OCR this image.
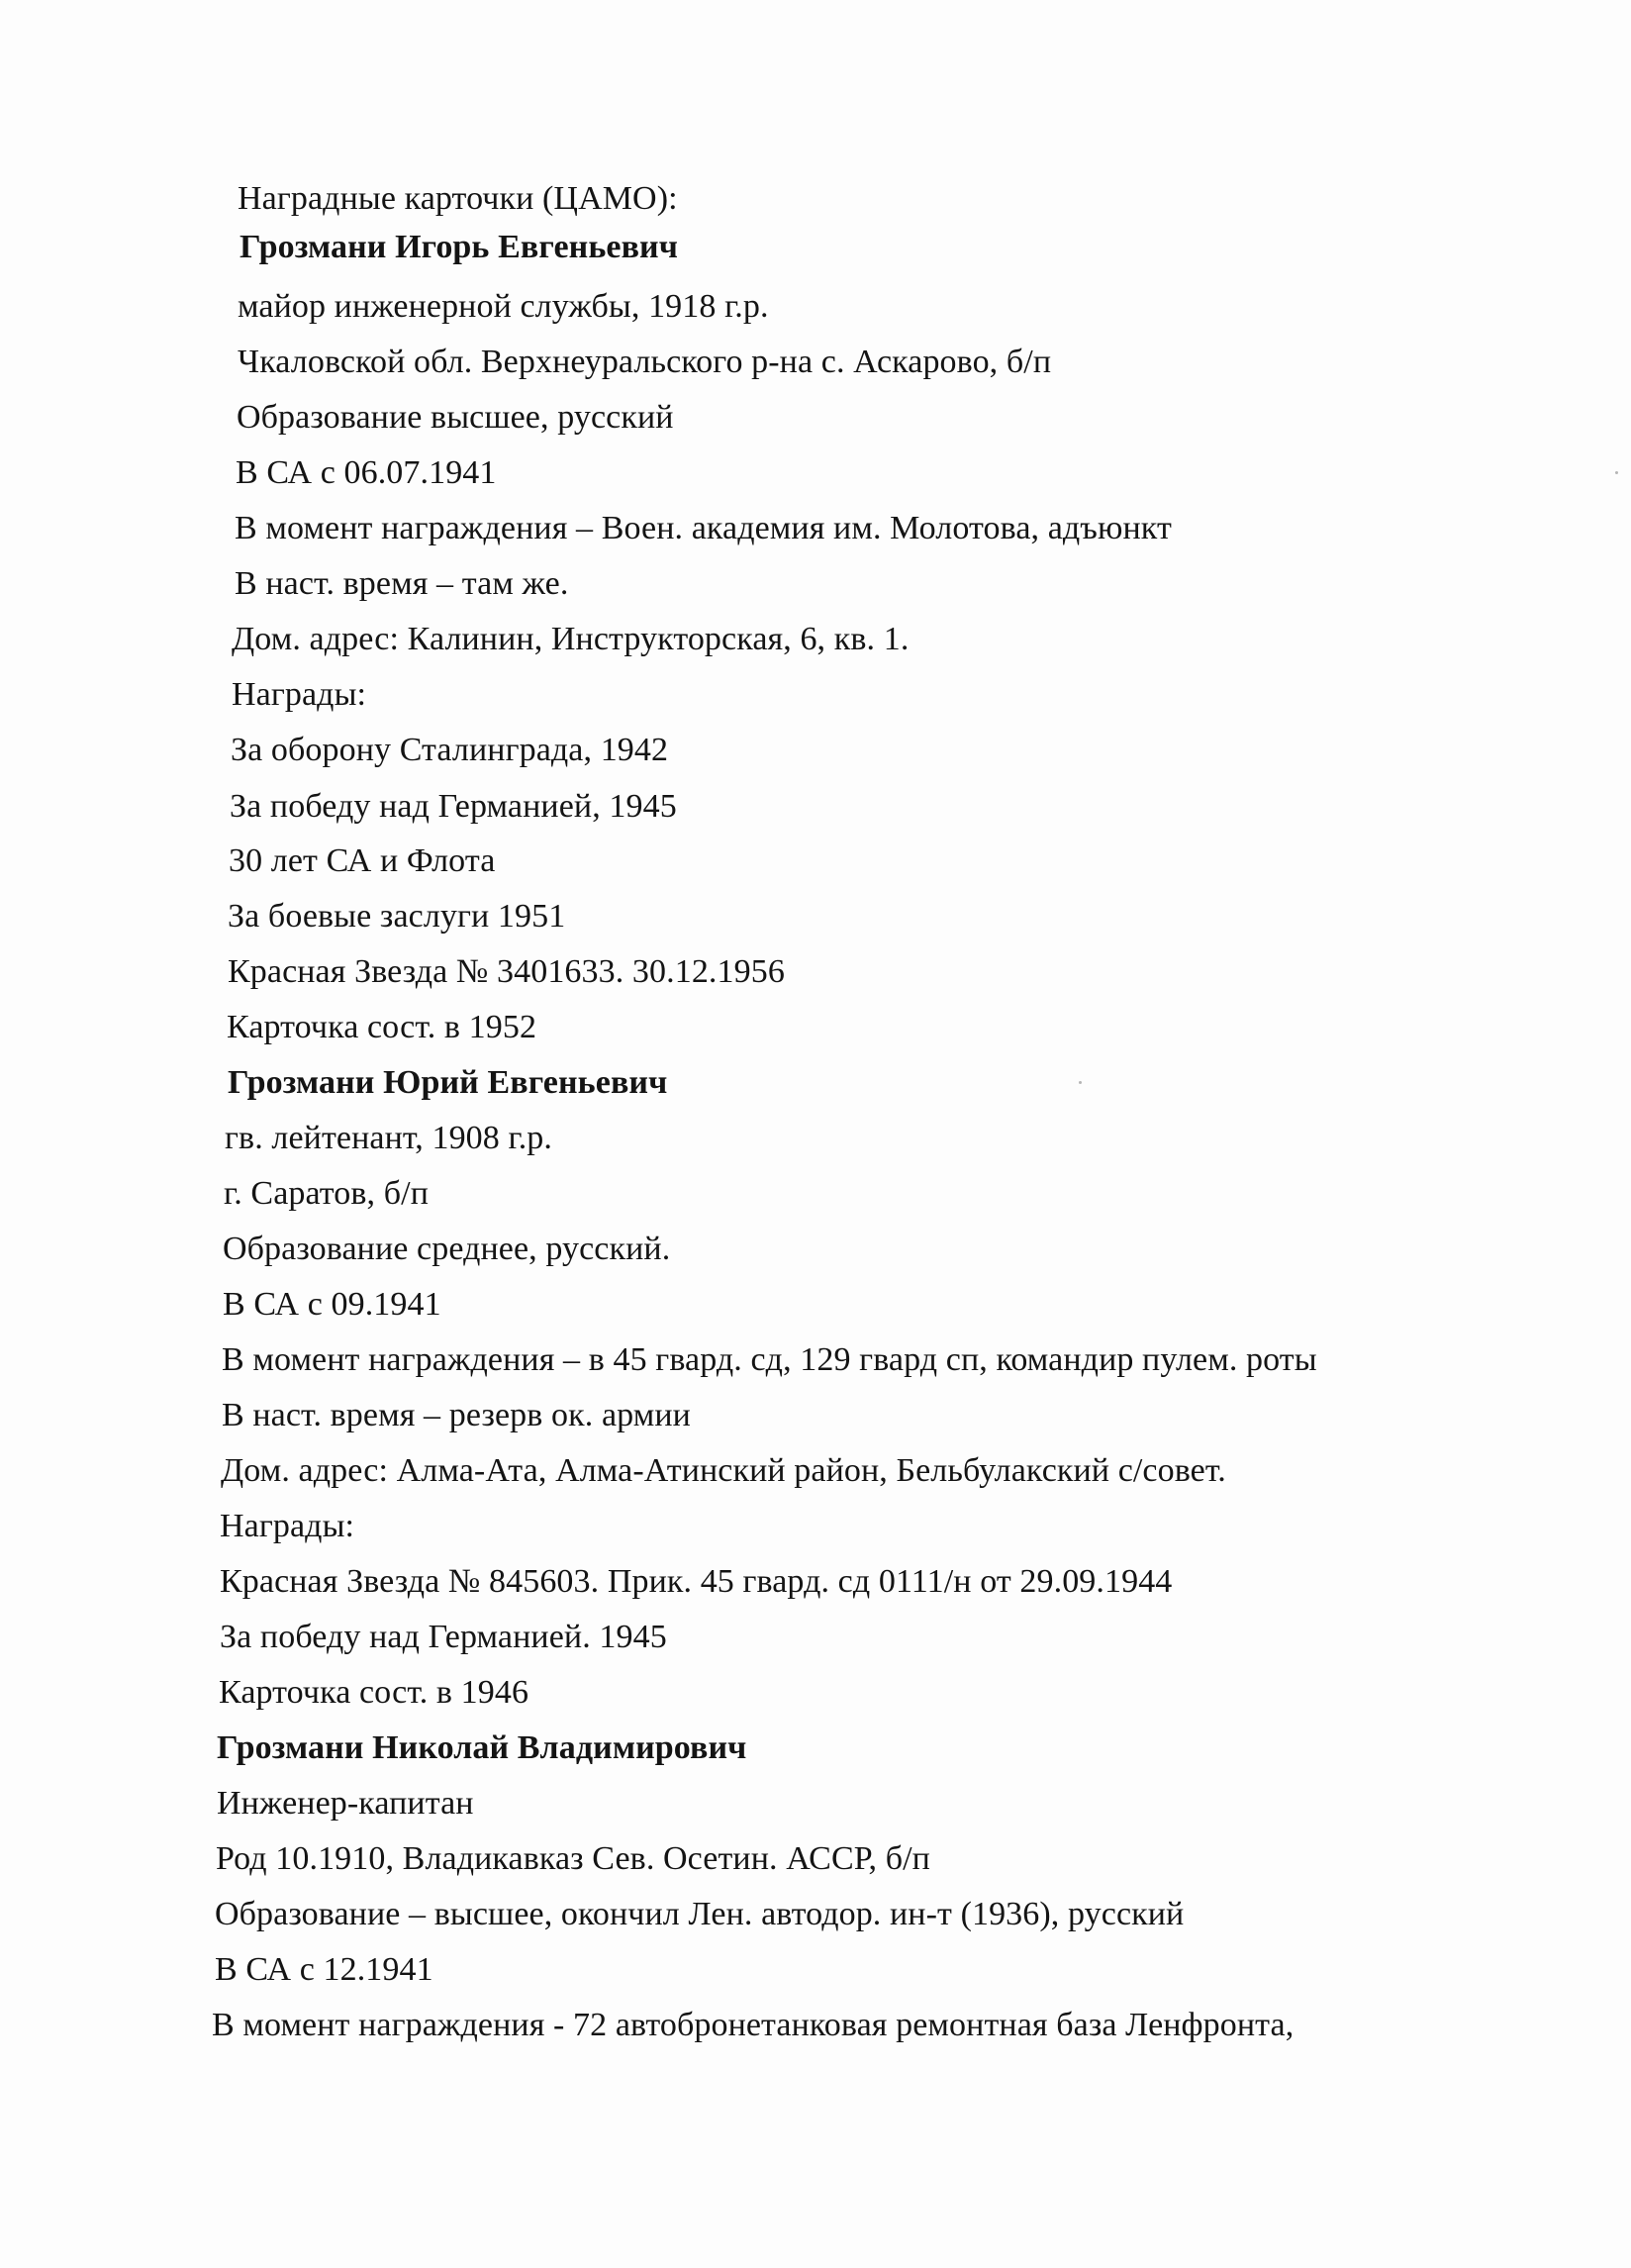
Наградные карточки (ЦАМО):
Грозмани Игорь Евгеньевич
майор инженерной службы, 1918 г.р.
Чкаловской обл. Верхнеуральского р-на с. Аскарово, б/п
Образование высшее, русский
В СА с 06.07.1941
В момент награждения – Воен. академия им. Молотова, адъюнкт
В наст. время – там же.
Дом. адрес: Калинин, Инструкторская, 6, кв. 1.
Награды:
За оборону Сталинграда, 1942
За победу над Германией, 1945
30 лет СА и Флота
За боевые заслуги 1951
Красная Звезда № 3401633. 30.12.1956
Карточка сост. в 1952
Грозмани Юрий Евгеньевич
гв. лейтенант, 1908 г.р.
г. Саратов, б/п
Образование среднее, русский.
В СА с 09.1941
В момент награждения – в 45 гвард. сд, 129 гвард сп, командир пулем. роты
В наст. время – резерв ок. армии
Дом. адрес: Алма-Ата, Алма-Атинский район, Бельбулакский с/совет.
Награды:
Красная Звезда № 845603. Прик. 45 гвард. сд 0111/н от 29.09.1944
За победу над Германией. 1945
Карточка сост. в 1946
Грозмани Николай Владимирович
Инженер-капитан
Род 10.1910, Владикавказ Сев. Осетин. АССР, б/п
Образование – высшее, окончил Лен. автодор. ин-т (1936), русский
В СА с 12.1941
В момент награждения - 72 автобронетанковая ремонтная база Ленфронта,
